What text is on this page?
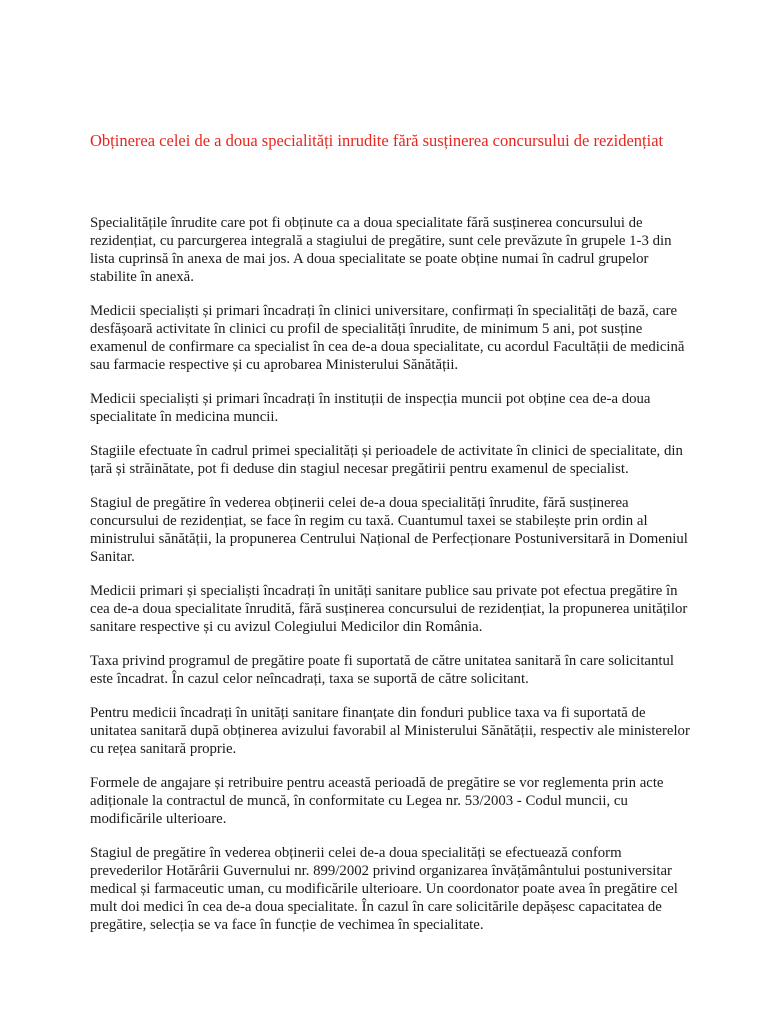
Obținerea celei de a doua specialități inrudite fără susținerea concursului de rezidențiat

Specialitățile înrudite care pot fi obținute ca a doua specialitate fără susținerea concursului de rezidențiat, cu parcurgerea integrală a stagiului de pregătire, sunt cele prevăzute în grupele 1-3 din lista cuprinsă în anexa de mai jos. A doua specialitate se poate obține numai în cadrul grupelor stabilite în anexă.

Medicii specialiști și primari încadrați în clinici universitare, confirmați în specialități de bază, care desfășoară activitate în clinici cu profil de specialități înrudite, de minimum 5 ani, pot susține examenul de confirmare ca specialist în cea de-a doua specialitate, cu acordul Facultății de medicină sau farmacie respective și cu aprobarea Ministerului Sănătății.

Medicii specialiști și primari încadrați în instituții de inspecția muncii pot obține cea de-a doua specialitate în medicina muncii.

Stagiile efectuate în cadrul primei specialități și perioadele de activitate în clinici de specialitate, din țară și străinătate, pot fi deduse din stagiul necesar pregătirii pentru examenul de specialist.

Stagiul de pregătire în vederea obținerii celei de-a doua specialități înrudite, fără susținerea concursului de rezidențiat, se face în regim cu taxă. Cuantumul taxei se stabilește prin ordin al ministrului sănătății, la propunerea Centrului Național de Perfecționare Postuniversitară in Domeniul Sanitar.

Medicii primari și specialiști încadrați în unități sanitare publice sau private pot efectua pregătire în cea de-a doua specialitate înrudită, fără susținerea concursului de rezidențiat, la propunerea unităților sanitare respective și cu avizul Colegiului Medicilor din România.

Taxa privind programul de pregătire poate fi suportată de către unitatea sanitară în care solicitantul este încadrat. În cazul celor neîncadrați, taxa se suportă de către solicitant.

Pentru medicii încadrați în unități sanitare finanțate din fonduri publice taxa va fi suportată de unitatea sanitară după obținerea avizului favorabil al Ministerului Sănătății, respectiv ale ministerelor cu rețea sanitară proprie.

Formele de angajare și retribuire pentru această perioadă de pregătire se vor reglementa prin acte adiționale la contractul de muncă, în conformitate cu Legea nr. 53/2003 - Codul muncii, cu modificările ulterioare.

Stagiul de pregătire în vederea obținerii celei de-a doua specialități se efectuează conform prevederilor Hotărârii Guvernului nr. 899/2002 privind organizarea învățământului postuniversitar medical și farmaceutic uman, cu modificările ulterioare. Un coordonator poate avea în pregătire cel mult doi medici în cea de-a doua specialitate. În cazul în care solicitările depășesc capacitatea de pregătire, selecția se va face în funcție de vechimea în specialitate.
